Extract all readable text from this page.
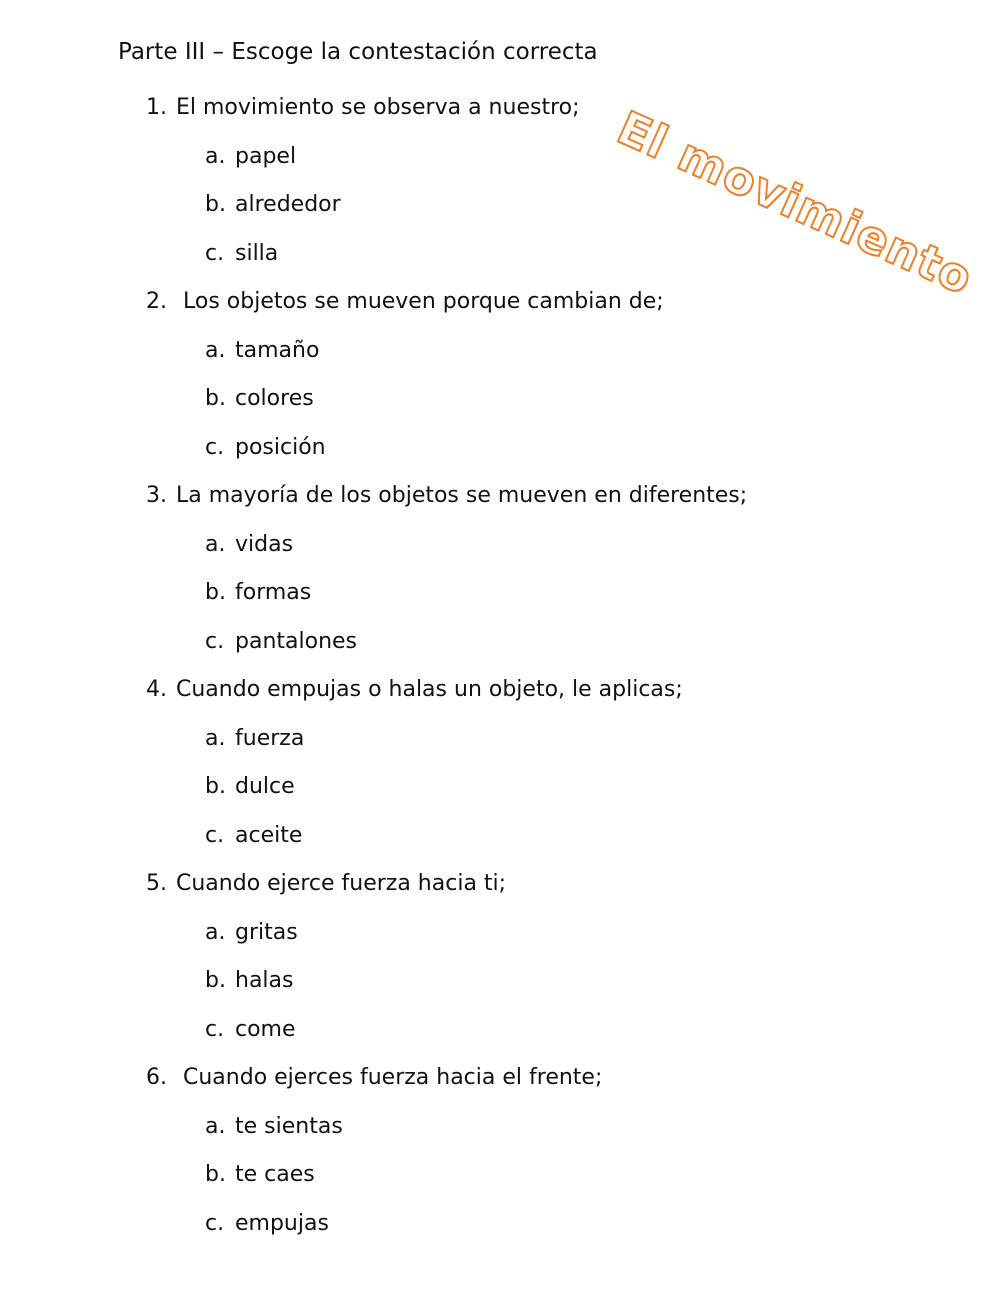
Parte III – Escoge la contestación correcta
El movimiento
1. El movimiento se observa a nuestro;
a. papel
b. alrededor
c. silla
2. Los objetos se mueven porque cambian de;
a. tamaño
b. colores
c. posición
3. La mayoría de los objetos se mueven en diferentes;
a. vidas
b. formas
c. pantalones
4. Cuando empujas o halas un objeto, le aplicas;
a. fuerza
b. dulce
c. aceite
5. Cuando ejerce fuerza hacia ti;
a. gritas
b. halas
c. come
6. Cuando ejerces fuerza hacia el frente;
a. te sientas
b. te caes
c. empujas
